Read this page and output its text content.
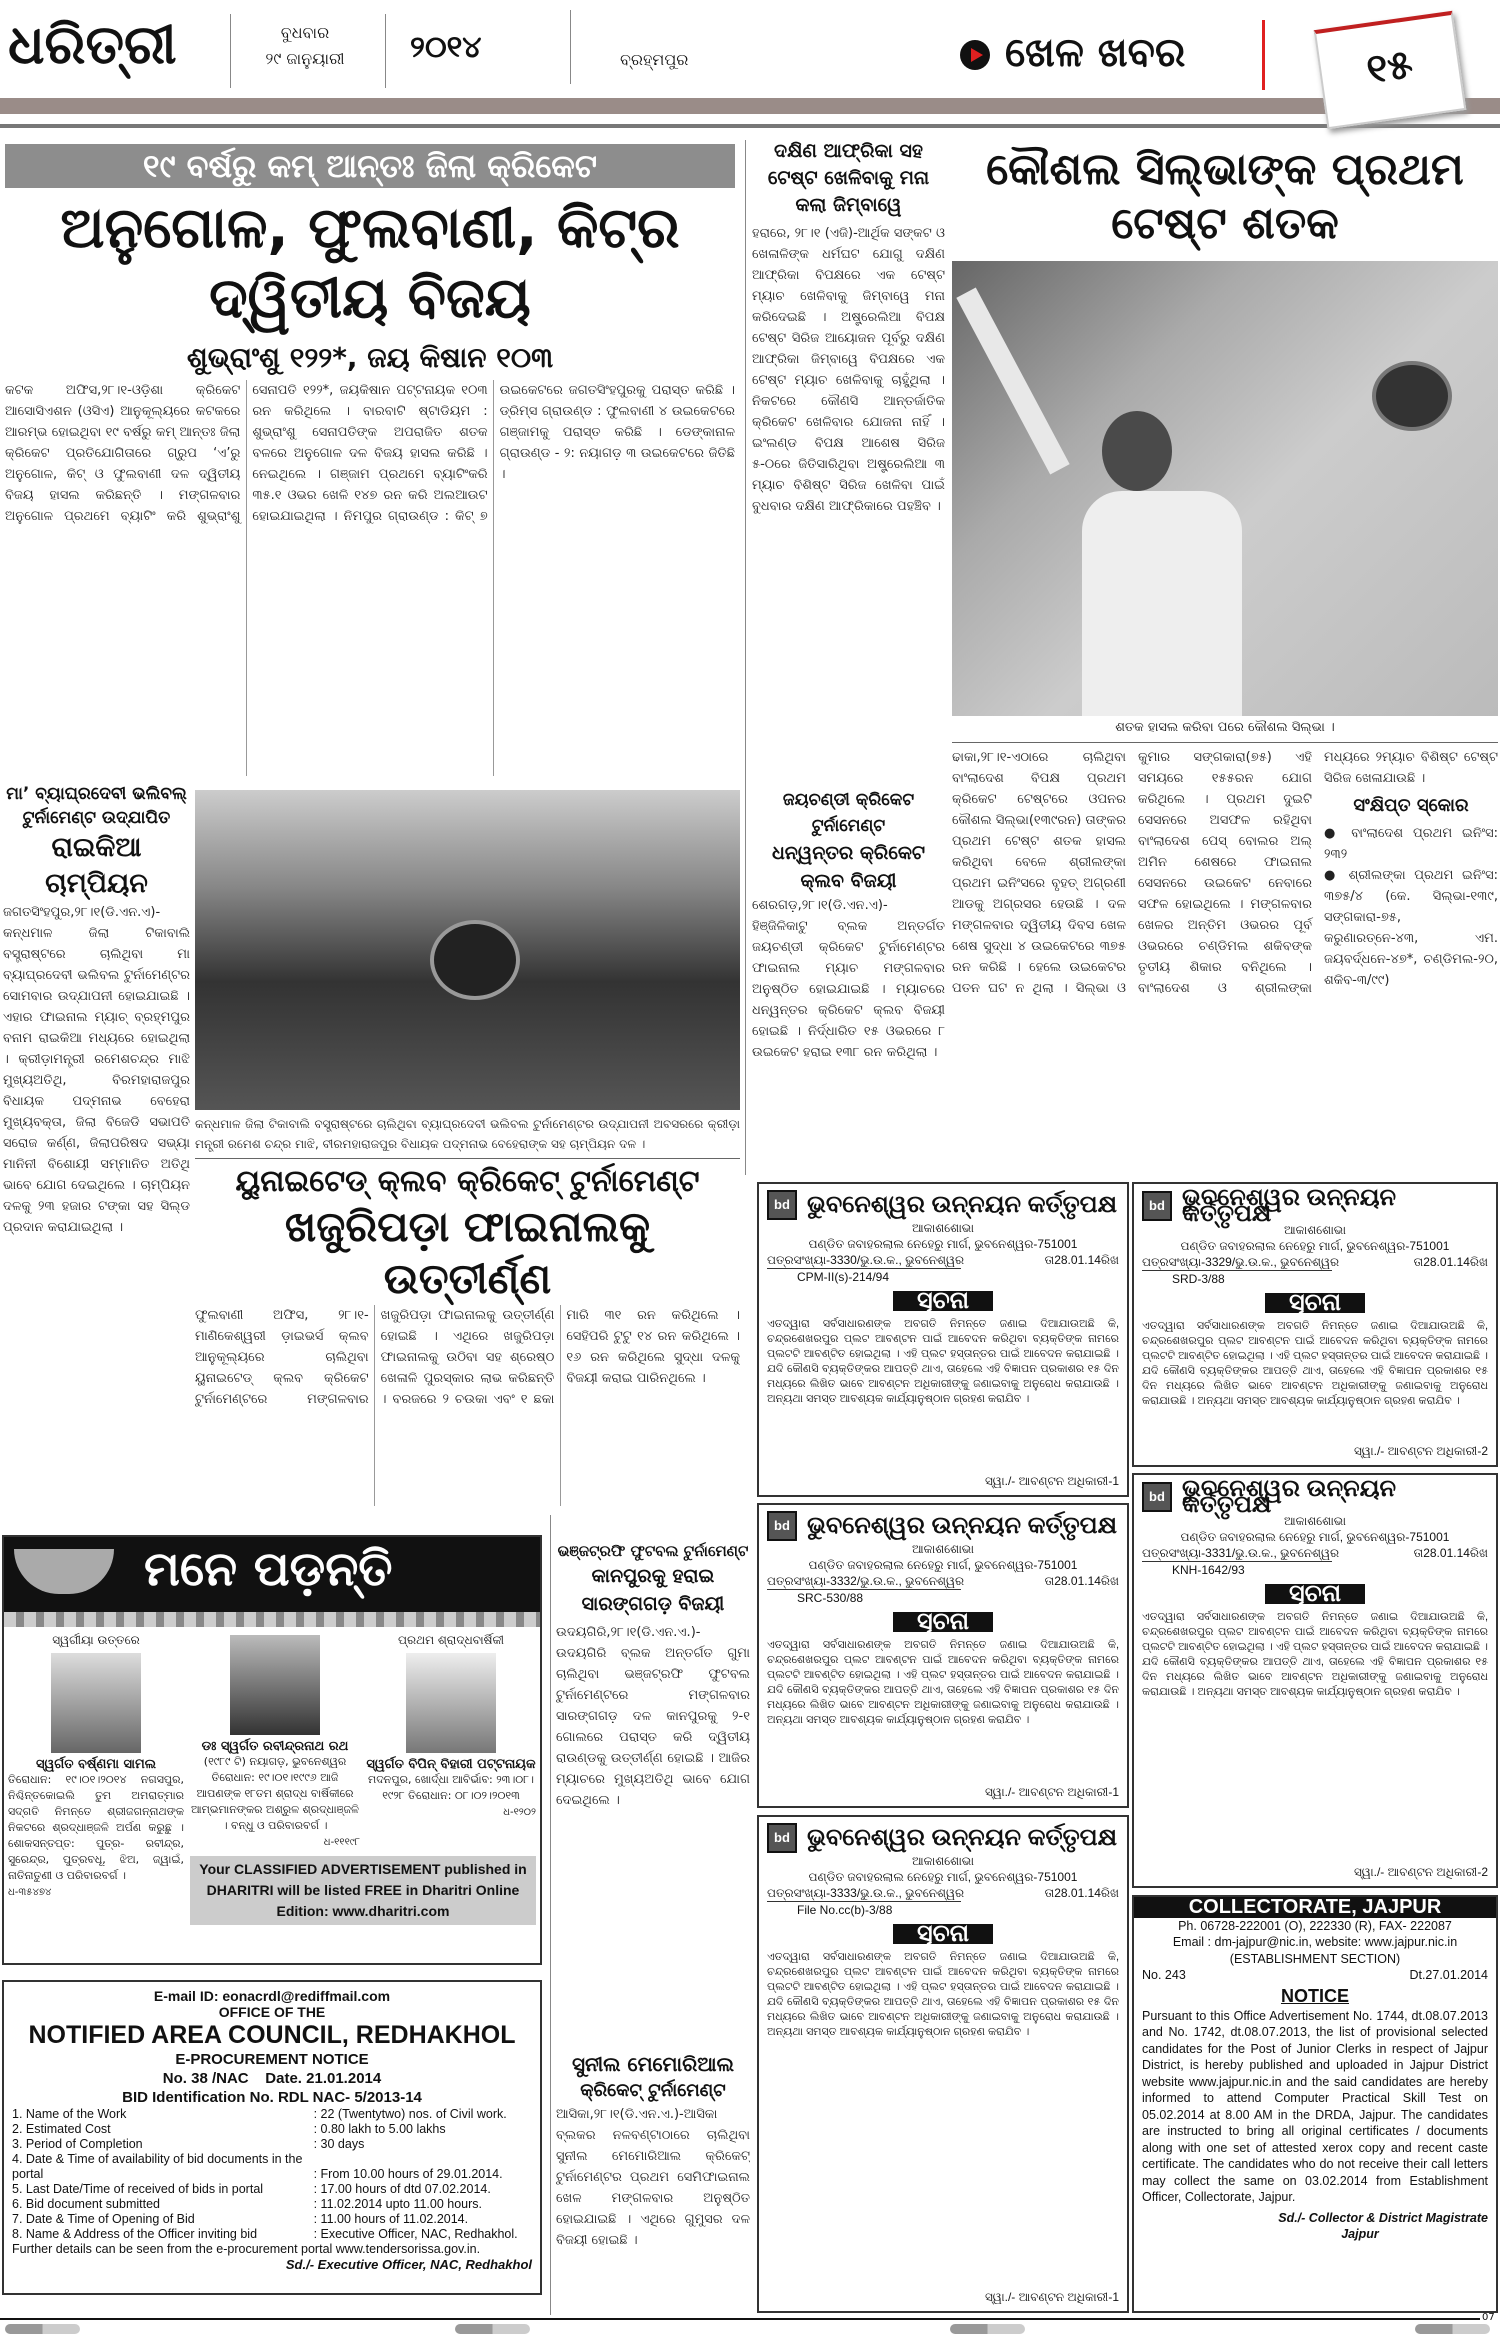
ଧରିତ୍ରୀ	ବୁଧବାର
୨୯ ଜାନୁୟାରୀ	୨୦୧୪	ବ୍ରହ୍ମପୁର	ଖେଳ ଖବର	୧୫
୧୯ ବର୍ଷରୁ କମ୍ ଆନ୍ତଃ ଜିଲା କ୍ରିକେଟ
ଅନୁଗୋଳ, ଫୁଲବାଣୀ, କିଟ୍‌ର ଦ୍ୱିତୀୟ ବିଜୟ
ଶୁଭ୍ରାଂଶୁ ୧୨୨*, ଜୟ କିଷାନ ୧୦୩
କଟକ ଅଫିସ,୨୮।୧-ଓଡ଼ିଶା କ୍ରିକେଟ ଆସୋସିଏଶନ (ଓସିଏ) ଆନୁକୂଲ୍ୟରେ କଟକରେ ଆରମ୍ଭ ହୋଇଥିବା ୧୯ ବର୍ଷରୁ କମ୍ ଆନ୍ତଃ ଜିଲା କ୍ରିକେଟ ପ୍ରତିଯୋଗିତାରେ ଗ୍ରୁପ ‘ଏ’ରୁ ଅନୁଗୋଳ, କିଟ୍ ଓ ଫୁଲବାଣୀ ଦଳ ଦ୍ୱିତୀୟ ବିଜୟ ହାସଲ କରିଛନ୍ତି । ମଙ୍ଗଳବାର ଅନୁଗୋଳ ପ୍ରଥମେ ବ୍ୟାଟିଂ କରି ଶୁଭ୍ରାଂଶୁ ସେନାପତି ୧୨୨*, ଜୟକିଷାନ ପଟ୍ଟନାୟକ ୧୦୩ ରନ କରିଥିଲେ । ବାରବାଟି ଷ୍ଟାଡିୟମ : ଶୁଭ୍ରାଂଶୁ ସେନାପତିଙ୍କ ଅପରାଜିତ ଶତକ ବଳରେ ଅନୁଗୋଳ ଦଳ ବିଜୟ ହାସଲ କରିଛି । ନେଇଥିଲେ । ଗଞ୍ଜାମ ପ୍ରଥମେ ବ୍ୟାଟିଂକରି ୩୫.୧ ଓଭର ଖେଳି ୧୪୭ ରନ କରି ଅଲଆଉଟ ହୋଇଯାଇଥିଲା । ନିମପୁର ଗ୍ରାଉଣ୍ଡ : କିଟ୍ ୭ ଉଇକେଟରେ ଜଗତସିଂହପୁରକୁ ପରାସ୍ତ କରିଛି । ଡ୍ରିମ୍ସ ଗ୍ରାଉଣ୍ଡ : ଫୁଲବାଣୀ ୪ ଉଇକେଟରେ ଗଞ୍ଜାମକୁ ପରାସ୍ତ କରିଛି । ଡେଙ୍କାନାଳ ଗ୍ରାଉଣ୍ଡ - ୨: ନୟାଗଡ଼ ୩ ଉଇକେଟରେ ଜିତିଛି ।
ମା’ ବ୍ୟାଘ୍ରଦେବୀ ଭଲିବଲ୍ ଟୁର୍ନାମେଣ୍ଟ ଉଦ୍‌ଯାପିତ
ରାଇକିଆ ଚାମ୍ପିୟନ
ଜଗତସିଂହପୁର,୨୮।୧(ଡି.ଏନ.ଏ)- କନ୍ଧମାଳ ଜିଲା ଟିକାବାଲି ବସ୍ତ୍ରାଷ୍ଟରେ ଚାଲିଥିବା ମା ବ୍ୟାଘ୍ରଦେବୀ ଭଲିବଲ ଟୁର୍ନାମେଣ୍ଟର ସୋମବାର ଉଦ୍‌ଯାପନୀ ହୋଇଯାଇଛି । ଏହାର ଫାଇନାଲ ମ୍ୟାଚ୍ ବ୍ରହ୍ମପୁର ବନାମ ରାଇକିଆ ମଧ୍ୟରେ ହୋଇଥିଲା । କ୍ରୀଡ଼ାମନ୍ତ୍ରୀ ରମେଶଚନ୍ଦ୍ର ମାଝି ମୁଖ୍ୟଅତିଥି, ବିରମହାରାଜପୁର ବିଧାୟକ ପଦ୍ମନାଭ ବେହେରା ମୁଖ୍ୟବକ୍ତା, ଜିଲା ବିଜେଡି ସଭାପତି ସରୋଜ କର୍ଣ୍ଣ, ଜିଲାପରିଷଦ ସଭ୍ୟା ମାନିନୀ ବିଶୋୟୀ ସମ୍ମାନିତ ଅତିଥି ଭାବେ ଯୋଗ ଦେଇଥିଲେ । ଚାମ୍ପିୟନ ଦଳକୁ ୨୩ ହଜାର ଟଙ୍କା ସହ ସିଲ୍ଡ ପ୍ରଦାନ କରାଯାଇଥିଲା ।
କନ୍ଧମାଳ ଜିଲା ଟିକାବାଲି ବସ୍ତ୍ରାଷ୍ଟରେ ଚାଲିଥିବା ବ୍ୟାଘ୍ରଦେବୀ ଭଲିବଲ ଟୁର୍ନାମେଣ୍ଟର ଉଦ୍‌ଯାପନୀ ଅବସରରେ କ୍ରୀଡ଼ା ମନ୍ତ୍ରୀ ରମେଶ ଚନ୍ଦ୍ର ମାଝି, ବୀରମହାରାଜପୁର ବିଧାୟକ ପଦ୍ମନାଭ ବେହେରାଙ୍କ ସହ ଚାମ୍ପିୟନ ଦଳ ।
ୟୁନାଇଟେଡ୍ କ୍ଲବ କ୍ରିକେଟ୍ ଟୁର୍ନାମେଣ୍ଟ
ଖଜୁରିପଡ଼ା ଫାଇନାଲକୁ ଉତ୍ତୀର୍ଣ୍ଣ
ଫୁଲବାଣୀ ଅଫିସ, ୨୮।୧- ମାଣିକେଶ୍ୱରୀ ଡ଼ାଇଭର୍ସ କ୍ଲବ ଆନୁକୂଲ୍ୟରେ ଚାଲିଥିବା ୟୁନାଇଟେଡ୍ କ୍ଲବ କ୍ରିକେଟ ଟୁର୍ନାମେଣ୍ଟରେ ମଙ୍ଗଳବାର ଖଜୁରିପଡ଼ା ଫାଇନାଲକୁ ଉତ୍ତୀର୍ଣ୍ଣ ହୋଇଛି । ଏଥିରେ ଖଜୁରିପଡ଼ା ଫାଇନାଲକୁ ଉଠିବା ସହ ଶ୍ରେଷ୍ଠ ଖେଳାଳି ପୁରସ୍କାର ଲାଭ କରିଛନ୍ତି । ବରଜରେ ୨ ଚଉକା ଏବଂ ୧ ଛକା ମାରି ୩୧ ରନ କରିଥିଲେ । ସେହିପରି ଟୁଟୁ ୧୪ ରନ କରିଥିଲେ । ୧୬ ରନ କରିଥିଲେ ସୁଦ୍ଧା ଦଳକୁ ବିଜୟୀ କରାଇ ପାରିନଥିଲେ ।
ମନେ ପଡ଼ନ୍ତି
ସ୍ୱର୍ଗୀୟା ଉତ୍ତରେ
ସ୍ୱର୍ଗତ ବର୍ଷ୍ଣମା ସାମଲ
ତିରୋଧାନ: ୧୯।୦୧।୨୦୧୪ ନଗସପୁର, ନିଶ୍ଚିନ୍ତକୋଇଲି ତୁମ ଅମରାତ୍ମାର ସଦ୍‌ଗତି ନିମନ୍ତେ ଶ୍ରୀଜଗନ୍ନାଥଙ୍କ ନିକଟରେ ଶ୍ରଦ୍ଧାଞ୍ଜଳି ଅର୍ପଣ କରୁଛୁ । ଶୋକସନ୍ତପ୍ତ: ପୁତ୍ର- ରବୀନ୍ଦ୍ର, ସୁରେନ୍ଦ୍ର, ପୁତ୍ରବଧୂ, ଝିଅ, ଜ୍ୱାଇଁ, ନାତିନାତୁଣୀ ଓ ପରିବାରବର୍ଗ ।
ଧ-୩୫୪୭୪
ଡଃ ସ୍ୱର୍ଗତ ରବୀନ୍ଦ୍ରନାଥ ରଥ
(୧୯୮୯ ଟି) ନୟାଗଡ଼, ଭୁବନେଶ୍ୱର ତିରୋଧାନ: ୧୯।୦୧।୧୯୯୬ ଆଜି ଆପଣଙ୍କ ୧୮ତମ ଶ୍ରାଦ୍ଧ ବାର୍ଷିକୀରେ ଆମ୍ଭମାନଙ୍କର ଅଶ୍ରୁଳ ଶ୍ରଦ୍ଧାଞ୍ଜଳି । ବନ୍ଧୁ ଓ ପରିବାରବର୍ଗ ।
ଧ-୧୧୧୯୮
ପ୍ରଥମ ଶ୍ରାଦ୍ଧବାର୍ଷିକୀ
ସ୍ୱର୍ଗତ ବିପିନ୍ ବିହାରୀ ପଟ୍ଟନାୟକ
ମଦନପୁର, ଖୋର୍ଦ୍ଧା ଆବିର୍ଭାବ: ୨୩।୦୮।୧୯୨୮ ତିରୋଧାନ: ୦୮।୦୨।୨୦୧୩
ଧ-୧୨୦୨
Your CLASSIFIED ADVERTISEMENT published in DHARITRI will be listed FREE in Dharitri Online Edition: www.dharitri.com
E-mail ID: eonacrdl@rediffmail.com
OFFICE OF THE
NOTIFIED AREA COUNCIL, REDHAKHOL
E-PROCUREMENT NOTICE
No. 38 /NAC    Date. 21.01.2014
BID Identification No. RDL NAC- 5/2013-14
1. Name of the Work	: 22 (Twentytwo) nos. of Civil work.
2. Estimated Cost	: 0.80 lakh to 5.00 lakhs
3. Period of Completion	: 30 days
4. Date & Time of availability of bid documents in the portal	: From 10.00 hours of 29.01.2014.
5. Last Date/Time of received of bids in portal	: 17.00 hours of dtd 07.02.2014.
6. Bid document submitted	: 11.02.2014 upto 11.00 hours.
7. Date & Time of Opening of Bid	: 11.00 hours of 11.02.2014.
8. Name & Address of the Officer inviting bid	: Executive Officer, NAC, Redhakhol.
Further details can be seen from the e-procurement portal www.tendersorissa.gov.in.
Sd./- Executive Officer, NAC, Redhakhol
ଦକ୍ଷିଣ ଆଫ୍ରିକା ସହ ଟେଷ୍ଟ ଖେଳିବାକୁ ମନା କଲା ଜିମ୍ବାୱେ
ହରାରେ, ୨୮।୧ (ଏଜି)-ଆର୍ଥିକ ସଙ୍କଟ ଓ ଖେଳାଳିଙ୍କ ଧର୍ମଘଟ ଯୋଗୁ ଦକ୍ଷିଣ ଆଫ୍ରିକା ବିପକ୍ଷରେ ଏକ ଟେଷ୍ଟ ମ୍ୟାଚ ଖେଳିବାକୁ ଜିମ୍ବାୱେ ମନା କରିଦେଇଛି । ଅଷ୍ଟ୍ରେଲିଆ ବିପକ୍ଷ ଟେଷ୍ଟ ସିରିଜ ଆୟୋଜନ ପୂର୍ବରୁ ଦକ୍ଷିଣ ଆଫ୍ରିକା ଜିମ୍ବାୱେ ବିପକ୍ଷରେ ଏକ ଟେଷ୍ଟ ମ୍ୟାଚ ଖେଳିବାକୁ ଚାହୁଁଥିଲା । ନିକଟରେ କୌଣସି ଆନ୍ତର୍ଜାତିକ କ୍ରିକେଟ ଖେଳିବାର ଯୋଜନା ନାହିଁ । ଇଂଲଣ୍ଡ ବିପକ୍ଷ ଆଶେଷ ସିରିଜ ୫-୦ରେ ଜିତିସାରିଥିବା ଅଷ୍ଟ୍ରେଲିଆ ୩ ମ୍ୟାଚ ବିଶିଷ୍ଟ ସିରିଜ ଖେଳିବା ପାଇଁ ବୁଧବାର ଦକ୍ଷିଣ ଆଫ୍ରିକାରେ ପହଞ୍ଚିବ ।
ଜୟଚଣ୍ଡୀ କ୍ରିକେଟ ଟୁର୍ନାମେଣ୍ଟ
ଧନ୍ୱନ୍ତର କ୍ରିକେଟ କ୍ଲବ ବିଜୟୀ
ଶେରଗଡ଼,୨୮।୧(ଡି.ଏନ.ଏ)- ହିଞ୍ଜିଳିକାଟୁ ବ୍ଲକ ଅନ୍ତର୍ଗତ ଜୟଚଣ୍ଡୀ କ୍ରିକେଟ ଟୁର୍ନାମେଣ୍ଟର ଫାଇନାଲ ମ୍ୟାଚ ମଙ୍ଗଳବାର ଅନୁଷ୍ଠିତ ହୋଇଯାଇଛି । ମ୍ୟାଚରେ ଧନ୍ୱନ୍ତର କ୍ରିକେଟ କ୍ଲବ ବିଜୟୀ ହୋଇଛି । ନିର୍ଦ୍ଧାରିତ ୧୫ ଓଭରରେ ୮ ଉଇକେଟ ହରାଇ ୧୩୮ ରନ କରିଥିଲା ।
କୌଶଲ ସିଲ୍‌ଭାଙ୍କ ପ୍ରଥମ ଟେଷ୍ଟ ଶତକ
ଶତକ ହାସଲ କରିବା ପରେ କୌଶଲ ସିଲ୍‌ଭା ।
ଢାକା,୨୮।୧-ଏଠାରେ ଚାଲିଥିବା ବାଂଲାଦେଶ ବିପକ୍ଷ ପ୍ରଥମ କ୍ରିକେଟ ଟେଷ୍ଟରେ ଓପନର କୌଶଲ ସିଲ୍‌ଭା(୧୩୯ରନ) ତାଙ୍କର ପ୍ରଥମ ଟେଷ୍ଟ ଶତକ ହାସଲ କରିଥିବା ବେଳେ ଶ୍ରୀଲଙ୍କା ପ୍ରଥମ ଇନିଂସରେ ବୃହତ୍ ଅଗ୍ରଣୀ ଆଡକୁ ଅଗ୍ରସର ହେଉଛି । ଦଳ ମଙ୍ଗଳବାର ଦ୍ୱିତୀୟ ଦିବସ ଖେଳ ଶେଷ ସୁଦ୍ଧା ୪ ଉଇକେଟରେ ୩୭୫ ରନ କରିଛି । ହେଲେ ଉଇକେଟର ପତନ ଘଟ ନ ଥିଲା । ସିଲ୍‌ଭା ଓ କୁମାର ସଙ୍ଗକାରା(୭୫) ଏହି ସମୟରେ ୧୫୫ରନ ଯୋଗ କରିଥିଲେ । ପ୍ରଥମ ଦୁଇଟି ସେସନରେ ଅସଫଳ ରହିଥିବା ବାଂଲାଦେଶ ପେସ୍ ବୋଲର ଅଲ୍ ଅମିନ ଶେଷରେ ଫାଇନାଲ ସେସନରେ ଉଇକେଟ ନେବାରେ ସଫଳ ହୋଇଥିଲେ । ମଙ୍ଗଳବାର ଖେଳର ଅନ୍ତିମ ଓଭରର ପୂର୍ବ ଓଭରରେ ଚଣ୍ଡିମଲ ଶକିବଙ୍କ ତୃତୀୟ ଶିକାର ବନିଥିଲେ । ବାଂଲାଦେଶ ଓ ଶ୍ରୀଲଙ୍କା ମଧ୍ୟରେ ୨ମ୍ୟାଚ ବିଶିଷ୍ଟ ଟେଷ୍ଟ ସିରିଜ ଖେଳାଯାଉଛି ।
ସଂକ୍ଷିପ୍ତ ସ୍କୋର
● ବାଂଲାଦେଶ ପ୍ରଥମ ଇନିଂସ: ୨୩୨
● ଶ୍ରୀଲଙ୍କା ପ୍ରଥମ ଇନିଂସ: ୩୭୫/୪ (କେ. ସିଲ୍‌ଭା-୧୩୯, ସଙ୍ଗକାରା-୭୫, କରୁଣାରତ୍ନେ-୪୩, ଏମ. ଜୟବର୍ଦ୍ଧନେ-୪୭*, ଚଣ୍ଡିମଲ-୨୦, ଶକିବ-୩/୯୯)
ଭଞ୍ଜଟ୍ରଫି ଫୁଟବଲ ଟୁର୍ନାମେଣ୍ଟ
କାନପୁରକୁ ହରାଇ ସାରଙ୍ଗଗଡ଼ ବିଜୟୀ
ଉଦୟଗିରି,୨୮।୧(ଡି.ଏନ.ଏ.)- ଉଦୟଗିରି ବ୍ଲକ ଅନ୍ତର୍ଗତ ଗୁମା ଚାଲିଥିବା ଭଞ୍ଜଟ୍ରଫି ଫୁଟବଲ ଟୁର୍ନାମେଣ୍ଟରେ ମଙ୍ଗଳବାର ସାରଙ୍ଗଗଡ଼ ଦଳ କାନପୁରକୁ ୨-୧ ଗୋଲରେ ପରାସ୍ତ କରି ଦ୍ୱିତୀୟ ରାଉଣ୍ଡକୁ ଉତ୍ତୀର୍ଣ୍ଣ ହୋଇଛି । ଆଜିର ମ୍ୟାଚରେ ମୁଖ୍ୟଅତିଥି ଭାବେ ଯୋଗ ଦେଇଥିଲେ ।
ସୁନୀଲ ମେମୋରିଆଲ
କ୍ରିକେଟ୍ ଟୁର୍ନାମେଣ୍ଟ
ଆସିକା,୨୮।୧(ଡି.ଏନ.ଏ.)-ଆସିକା ବ୍ଲକର ନଳବଣ୍ଟାଠାରେ ଚାଲିଥିବା ସୁନୀଲ ମେମୋରିଆଲ କ୍ରିକେଟ୍ ଟୁର୍ନାମେଣ୍ଟର ପ୍ରଥମ ସେମିଫାଇନାଲ ଖେଳ ମଙ୍ଗଳବାର ଅନୁଷ୍ଠିତ ହୋଇଯାଇଛି । ଏଥିରେ ଗୁମୁସର ଦଳ ବିଜୟୀ ହୋଇଛି ।
bd ଭୁବନେଶ୍ୱର ଉନ୍ନୟନ କର୍ତ୍ତୃପକ୍ଷ
ଆକାଶଶୋଭା
ପଣ୍ଡିତ ଜବାହରଲାଲ ନେହେରୁ ମାର୍ଗ, ଭୁବନେଶ୍ୱର-751001
ପତ୍ରସଂଖ୍ୟା-3330/ଭୁ.ଉ.କ., ଭୁବନେଶ୍ୱର	ତା28.01.14ରିଖ
CPM-II(s)-214/94
ସୂଚନା
ଏତଦ୍ୱାରା ସର୍ବସାଧାରଣଙ୍କ ଅବଗତି ନିମନ୍ତେ ଜଣାଇ ଦିଆଯାଉଅଛି କି, ଚନ୍ଦ୍ରଶେଖରପୁର ପ୍ଲଟ ଆବଣ୍ଟନ ପାଇଁ ଆବେଦନ କରିଥିବା ବ୍ୟକ୍ତିଙ୍କ ନାମରେ ପ୍ଲଟଟି ଆବଣ୍ଟିତ ହୋଇଥିଲା । ଏହି ପ୍ଲଟ ହସ୍ତାନ୍ତର ପାଇଁ ଆବେଦନ କରାଯାଇଛି । ଯଦି କୌଣସି ବ୍ୟକ୍ତିଙ୍କର ଆପତ୍ତି ଥାଏ, ତାହେଲେ ଏହି ବିଜ୍ଞାପନ ପ୍ରକାଶର ୧୫ ଦିନ ମଧ୍ୟରେ ଲିଖିତ ଭାବେ ଆବଣ୍ଟନ ଅଧିକାରୀଙ୍କୁ ଜଣାଇବାକୁ ଅନୁରୋଧ କରାଯାଉଛି । ଅନ୍ୟଥା ସମସ୍ତ ଆବଶ୍ୟକ କାର୍ଯ୍ୟାନୁଷ୍ଠାନ ଗ୍ରହଣ କରାଯିବ ।
ସ୍ୱା./- ଆବଣ୍ଟନ ଅଧିକାରୀ-1
bd ଭୁବନେଶ୍ୱର ଉନ୍ନୟନ କର୍ତ୍ତୃପକ୍ଷ
ଆକାଶଶୋଭା
ପଣ୍ଡିତ ଜବାହରଲାଲ ନେହେରୁ ମାର୍ଗ, ଭୁବନେଶ୍ୱର-751001
ପତ୍ରସଂଖ୍ୟା-3332/ଭୁ.ଉ.କ., ଭୁବନେଶ୍ୱର	ତା28.01.14ରିଖ
SRC-530/88
ସୂଚନା
ଏତଦ୍ୱାରା ସର୍ବସାଧାରଣଙ୍କ ଅବଗତି ନିମନ୍ତେ ଜଣାଇ ଦିଆଯାଉଅଛି କି, ଚନ୍ଦ୍ରଶେଖରପୁର ପ୍ଲଟ ଆବଣ୍ଟନ ପାଇଁ ଆବେଦନ କରିଥିବା ବ୍ୟକ୍ତିଙ୍କ ନାମରେ ପ୍ଲଟଟି ଆବଣ୍ଟିତ ହୋଇଥିଲା । ଏହି ପ୍ଲଟ ହସ୍ତାନ୍ତର ପାଇଁ ଆବେଦନ କରାଯାଇଛି । ଯଦି କୌଣସି ବ୍ୟକ୍ତିଙ୍କର ଆପତ୍ତି ଥାଏ, ତାହେଲେ ଏହି ବିଜ୍ଞାପନ ପ୍ରକାଶର ୧୫ ଦିନ ମଧ୍ୟରେ ଲିଖିତ ଭାବେ ଆବଣ୍ଟନ ଅଧିକାରୀଙ୍କୁ ଜଣାଇବାକୁ ଅନୁରୋଧ କରାଯାଉଛି । ଅନ୍ୟଥା ସମସ୍ତ ଆବଶ୍ୟକ କାର୍ଯ୍ୟାନୁଷ୍ଠାନ ଗ୍ରହଣ କରାଯିବ ।
ସ୍ୱା./- ଆବଣ୍ଟନ ଅଧିକାରୀ-1
bd ଭୁବନେଶ୍ୱର ଉନ୍ନୟନ କର୍ତ୍ତୃପକ୍ଷ
ଆକାଶଶୋଭା
ପଣ୍ଡିତ ଜବାହରଲାଲ ନେହେରୁ ମାର୍ଗ, ଭୁବନେଶ୍ୱର-751001
ପତ୍ରସଂଖ୍ୟା-3333/ଭୁ.ଉ.କ., ଭୁବନେଶ୍ୱର	ତା28.01.14ରିଖ
File No.cc(b)-3/88
ସୂଚନା
ଏତଦ୍ୱାରା ସର୍ବସାଧାରଣଙ୍କ ଅବଗତି ନିମନ୍ତେ ଜଣାଇ ଦିଆଯାଉଅଛି କି, ଚନ୍ଦ୍ରଶେଖରପୁର ପ୍ଲଟ ଆବଣ୍ଟନ ପାଇଁ ଆବେଦନ କରିଥିବା ବ୍ୟକ୍ତିଙ୍କ ନାମରେ ପ୍ଲଟଟି ଆବଣ୍ଟିତ ହୋଇଥିଲା । ଏହି ପ୍ଲଟ ହସ୍ତାନ୍ତର ପାଇଁ ଆବେଦନ କରାଯାଇଛି । ଯଦି କୌଣସି ବ୍ୟକ୍ତିଙ୍କର ଆପତ୍ତି ଥାଏ, ତାହେଲେ ଏହି ବିଜ୍ଞାପନ ପ୍ରକାଶର ୧୫ ଦିନ ମଧ୍ୟରେ ଲିଖିତ ଭାବେ ଆବଣ୍ଟନ ଅଧିକାରୀଙ୍କୁ ଜଣାଇବାକୁ ଅନୁରୋଧ କରାଯାଉଛି । ଅନ୍ୟଥା ସମସ୍ତ ଆବଶ୍ୟକ କାର୍ଯ୍ୟାନୁଷ୍ଠାନ ଗ୍ରହଣ କରାଯିବ ।
ସ୍ୱା./- ଆବଣ୍ଟନ ଅଧିକାରୀ-1
bd ଭୁବନେଶ୍ୱର ଉନ୍ନୟନ କର୍ତ୍ତୃପକ୍ଷ
ଆକାଶଶୋଭା
ପଣ୍ଡିତ ଜବାହରଲାଲ ନେହେରୁ ମାର୍ଗ, ଭୁବନେଶ୍ୱର-751001
ପତ୍ରସଂଖ୍ୟା-3329/ଭୁ.ଉ.କ., ଭୁବନେଶ୍ୱର	ତା28.01.14ରିଖ
SRD-3/88
ସୂଚନା
ଏତଦ୍ୱାରା ସର୍ବସାଧାରଣଙ୍କ ଅବଗତି ନିମନ୍ତେ ଜଣାଇ ଦିଆଯାଉଅଛି କି, ଚନ୍ଦ୍ରଶେଖରପୁର ପ୍ଲଟ ଆବଣ୍ଟନ ପାଇଁ ଆବେଦନ କରିଥିବା ବ୍ୟକ୍ତିଙ୍କ ନାମରେ ପ୍ଲଟଟି ଆବଣ୍ଟିତ ହୋଇଥିଲା । ଏହି ପ୍ଲଟ ହସ୍ତାନ୍ତର ପାଇଁ ଆବେଦନ କରାଯାଇଛି । ଯଦି କୌଣସି ବ୍ୟକ୍ତିଙ୍କର ଆପତ୍ତି ଥାଏ, ତାହେଲେ ଏହି ବିଜ୍ଞାପନ ପ୍ରକାଶର ୧୫ ଦିନ ମଧ୍ୟରେ ଲିଖିତ ଭାବେ ଆବଣ୍ଟନ ଅଧିକାରୀଙ୍କୁ ଜଣାଇବାକୁ ଅନୁରୋଧ କରାଯାଉଛି । ଅନ୍ୟଥା ସମସ୍ତ ଆବଶ୍ୟକ କାର୍ଯ୍ୟାନୁଷ୍ଠାନ ଗ୍ରହଣ କରାଯିବ ।
ସ୍ୱା./- ଆବଣ୍ଟନ ଅଧିକାରୀ-2
bd ଭୁବନେଶ୍ୱର ଉନ୍ନୟନ କର୍ତ୍ତୃପକ୍ଷ
ଆକାଶଶୋଭା
ପଣ୍ଡିତ ଜବାହରଲାଲ ନେହେରୁ ମାର୍ଗ, ଭୁବନେଶ୍ୱର-751001
ପତ୍ରସଂଖ୍ୟା-3331/ଭୁ.ଉ.କ., ଭୁବନେଶ୍ୱର	ତା28.01.14ରିଖ
KNH-1642/93
ସୂଚନା
ଏତଦ୍ୱାରା ସର୍ବସାଧାରଣଙ୍କ ଅବଗତି ନିମନ୍ତେ ଜଣାଇ ଦିଆଯାଉଅଛି କି, ଚନ୍ଦ୍ରଶେଖରପୁର ପ୍ଲଟ ଆବଣ୍ଟନ ପାଇଁ ଆବେଦନ କରିଥିବା ବ୍ୟକ୍ତିଙ୍କ ନାମରେ ପ୍ଲଟଟି ଆବଣ୍ଟିତ ହୋଇଥିଲା । ଏହି ପ୍ଲଟ ହସ୍ତାନ୍ତର ପାଇଁ ଆବେଦନ କରାଯାଇଛି । ଯଦି କୌଣସି ବ୍ୟକ୍ତିଙ୍କର ଆପତ୍ତି ଥାଏ, ତାହେଲେ ଏହି ବିଜ୍ଞାପନ ପ୍ରକାଶର ୧୫ ଦିନ ମଧ୍ୟରେ ଲିଖିତ ଭାବେ ଆବଣ୍ଟନ ଅଧିକାରୀଙ୍କୁ ଜଣାଇବାକୁ ଅନୁରୋଧ କରାଯାଉଛି । ଅନ୍ୟଥା ସମସ୍ତ ଆବଶ୍ୟକ କାର୍ଯ୍ୟାନୁଷ୍ଠାନ ଗ୍ରହଣ କରାଯିବ ।
ସ୍ୱା./- ଆବଣ୍ଟନ ଅଧିକାରୀ-2
COLLECTORATE, JAJPUR
Ph. 06728-222001 (O), 222330 (R), FAX- 222087
Email : dm-jajpur@nic.in, website: www.jajpur.nic.in
(ESTABLISHMENT SECTION)
No. 243	Dt.27.01.2014
NOTICE
Pursuant to this Office Advertisement No. 1744, dt.08.07.2013 and No. 1742, dt.08.07.2013, the list of provisional selected candidates for the Post of Junior Clerks in respect of Jajpur District, is hereby published and uploaded in Jajpur District website www.jajpur.nic.in and the said candidates are hereby informed to attend Computer Practical Skill Test on 05.02.2014 at 8.00 AM in the DRDA, Jajpur. The candidates are instructed to bring all original certificates / documents along with one set of attested xerox copy and recent caste certificate. The candidates who do not receive their call letters may collect the same on 03.02.2014 from Establishment Officer, Collectorate, Jajpur.
Sd./- Collector & District Magistrate
Jajpur
07
